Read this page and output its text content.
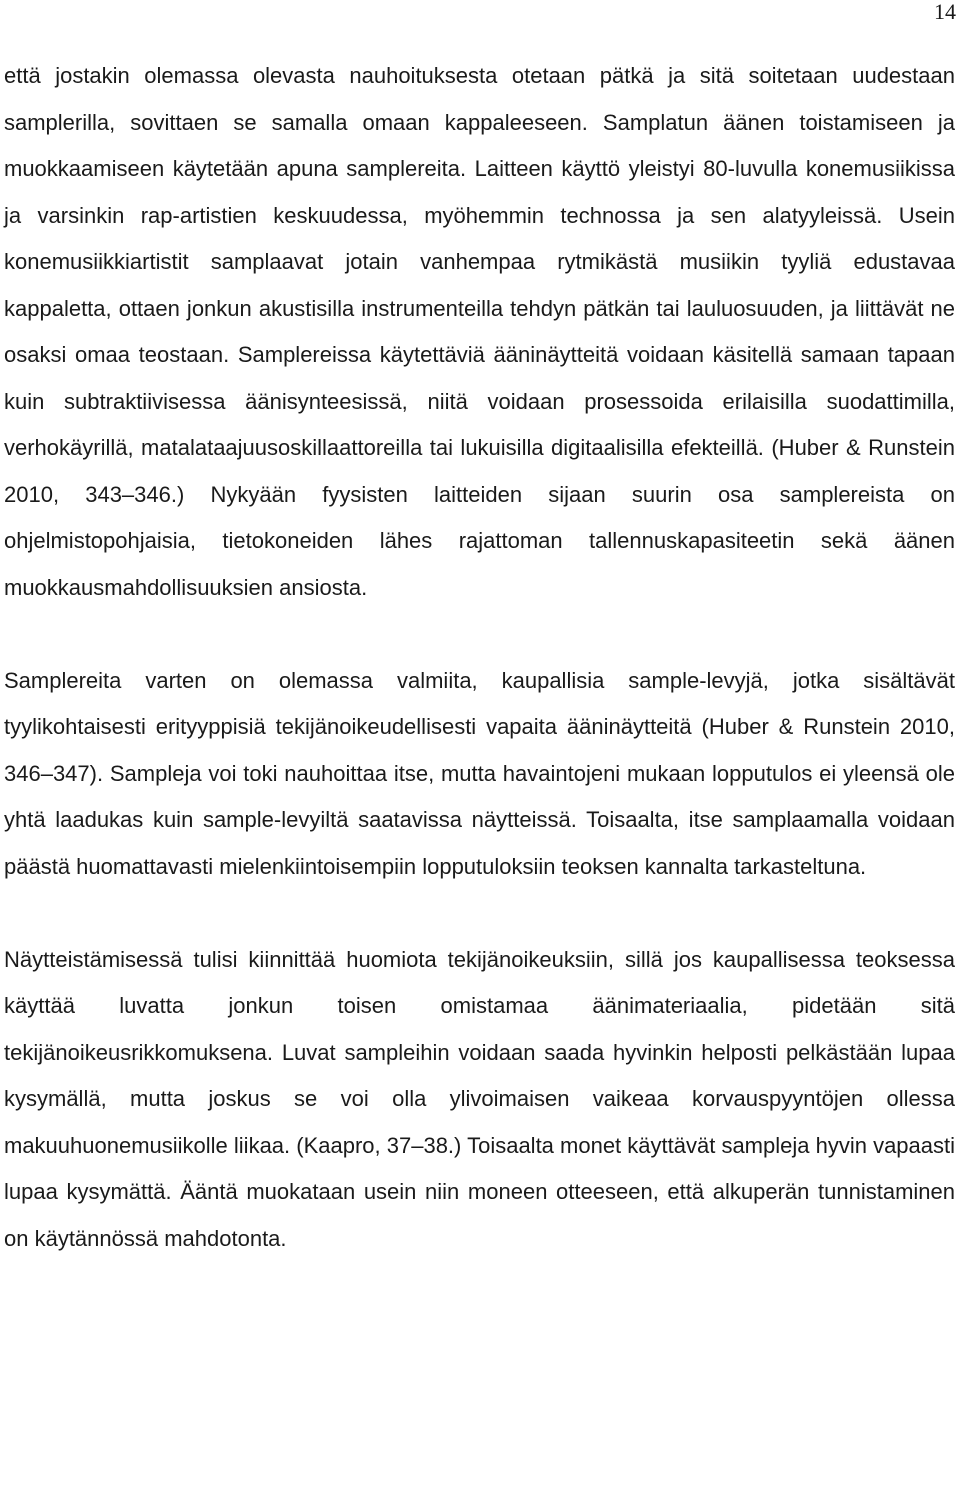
14

että jostakin olemassa olevasta nauhoituksesta otetaan pätkä ja sitä soitetaan uudestaan samplerilla, sovittaen se samalla omaan kappaleeseen. Samplatun äänen toistamiseen ja muokkaamiseen käytetään apuna samplereita. Laitteen käyttö yleistyi 80-luvulla konemusiikissa ja varsinkin rap-artistien keskuudessa, myöhemmin technossa ja sen alatyyleissä. Usein konemusiikkiartistit samplaavat jotain vanhempaa rytmikästä musiikin tyyliä edustavaa kappaletta, ottaen jonkun akustisilla instrumenteilla tehdyn pätkän tai lauluosuuden, ja liittävät ne osaksi omaa teostaan. Samplereissa käytettäviä ääninäytteitä voidaan käsitellä samaan tapaan kuin subtraktiivisessa äänisynteesissä, niitä voidaan prosessoida erilaisilla suodattimilla, verhokäyrillä, matalataajuusoskillaattoreilla tai lukuisilla digitaalisilla efekteillä. (Huber & Runstein 2010, 343–346.) Nykyään fyysisten laitteiden sijaan suurin osa samplereista on ohjelmistopohjaisia, tietokoneiden lähes rajattoman tallennuskapasiteetin sekä äänen muokkausmahdollisuuksien ansiosta.

Samplereita varten on olemassa valmiita, kaupallisia sample-levyjä, jotka sisältävät tyylikohtaisesti erityyppisiä tekijänoikeudellisesti vapaita ääninäytteitä (Huber & Runstein 2010, 346–347). Sampleja voi toki nauhoittaa itse, mutta havaintojeni mukaan lopputulos ei yleensä ole yhtä laadukas kuin sample-levyiltä saatavissa näytteissä. Toisaalta, itse samplaamalla voidaan päästä huomattavasti mielenkiintoisempiin lopputuloksiin teoksen kannalta tarkasteltuna.

Näytteistämisessä tulisi kiinnittää huomiota tekijänoikeuksiin, sillä jos kaupallisessa teoksessa käyttää luvatta jonkun toisen omistamaa äänimateriaalia, pidetään sitä tekijänoikeusrikkomuksena. Luvat sampleihin voidaan saada hyvinkin helposti pelkästään lupaa kysymällä, mutta joskus se voi olla ylivoimaisen vaikeaa korvauspyyntöjen ollessa makuuhuonemusiikolle liikaa. (Kaapro, 37–38.) Toisaalta monet käyttävät sampleja hyvin vapaasti lupaa kysymättä. Ääntä muokataan usein niin moneen otteeseen, että alkuperän tunnistaminen on käytännössä mahdotonta.
